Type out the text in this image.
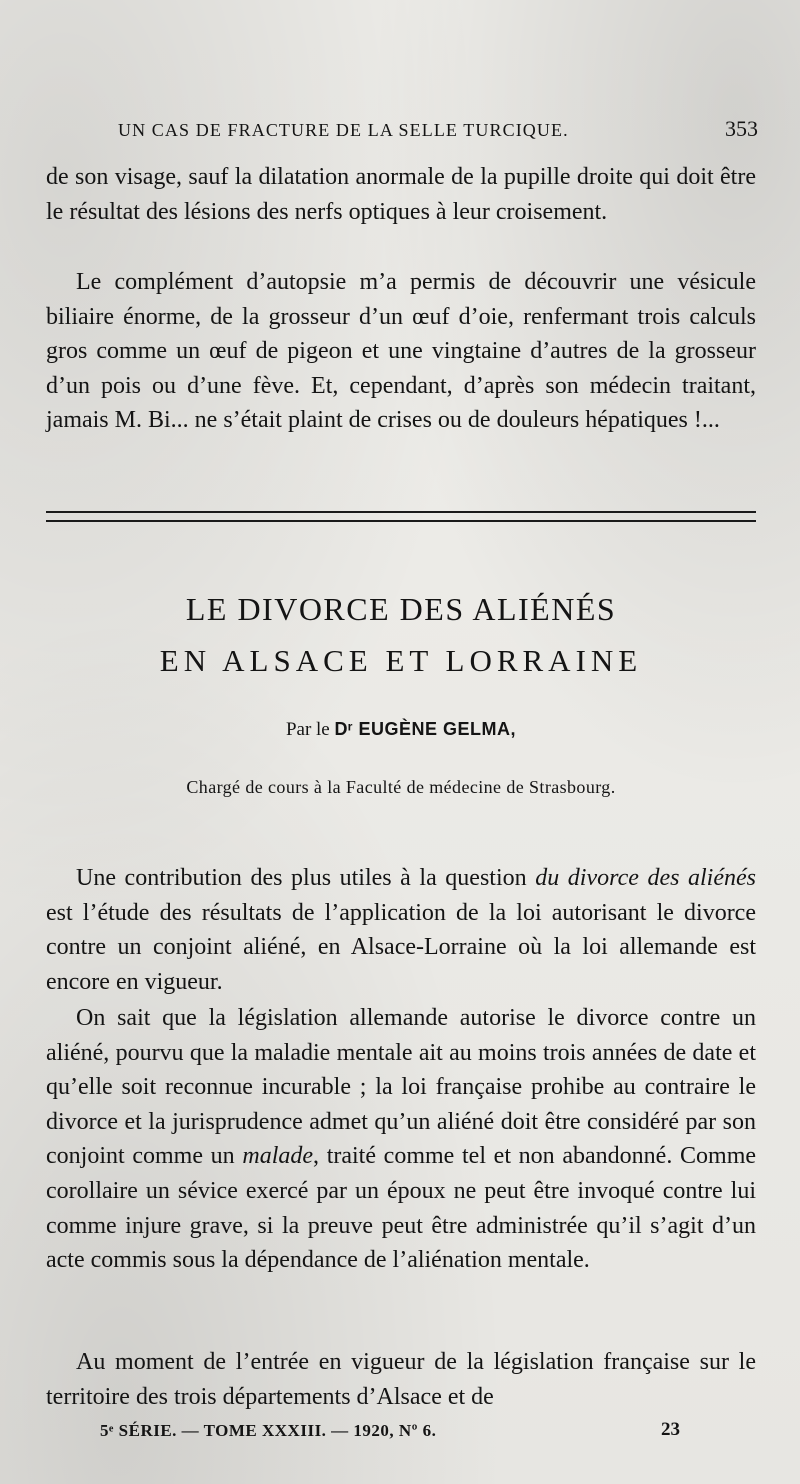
UN CAS DE FRACTURE DE LA SELLE TURCIQUE.	353

de son visage, sauf la dilatation anormale de la pupille droite qui doit être le résultat des lésions des nerfs optiques à leur croisement.

Le complément d’autopsie m’a permis de découvrir une vésicule biliaire énorme, de la grosseur d’un œuf d’oie, renfermant trois calculs gros comme un œuf de pigeon et une vingtaine d’autres de la grosseur d’un pois ou d’une fève. Et, cependant, d’après son médecin traitant, jamais M. Bi... ne s’était plaint de crises ou de douleurs hépatiques !...

LE DIVORCE DES ALIÉNÉS
EN ALSACE ET LORRAINE
Par le Dʳ EUGÈNE GELMA,
Chargé de cours à la Faculté de médecine de Strasbourg.

Une contribution des plus utiles à la question du divorce des aliénés est l’étude des résultats de l’application de la loi autorisant le divorce contre un conjoint aliéné, en Alsace-Lorraine où la loi allemande est encore en vigueur.

On sait que la législation allemande autorise le divorce contre un aliéné, pourvu que la maladie mentale ait au moins trois années de date et qu’elle soit reconnue incurable ; la loi française prohibe au contraire le divorce et la jurisprudence admet qu’un aliéné doit être considéré par son conjoint comme un malade, traité comme tel et non abandonné. Comme corollaire un sévice exercé par un époux ne peut être invoqué contre lui comme injure grave, si la preuve peut être administrée qu’il s’agit d’un acte commis sous la dépendance de l’aliénation mentale.

Au moment de l’entrée en vigueur de la législation française sur le territoire des trois départements d’Alsace et de

5ᵉ SÉRIE. — TOME XXXIII. — 1920, Nº 6.	23
